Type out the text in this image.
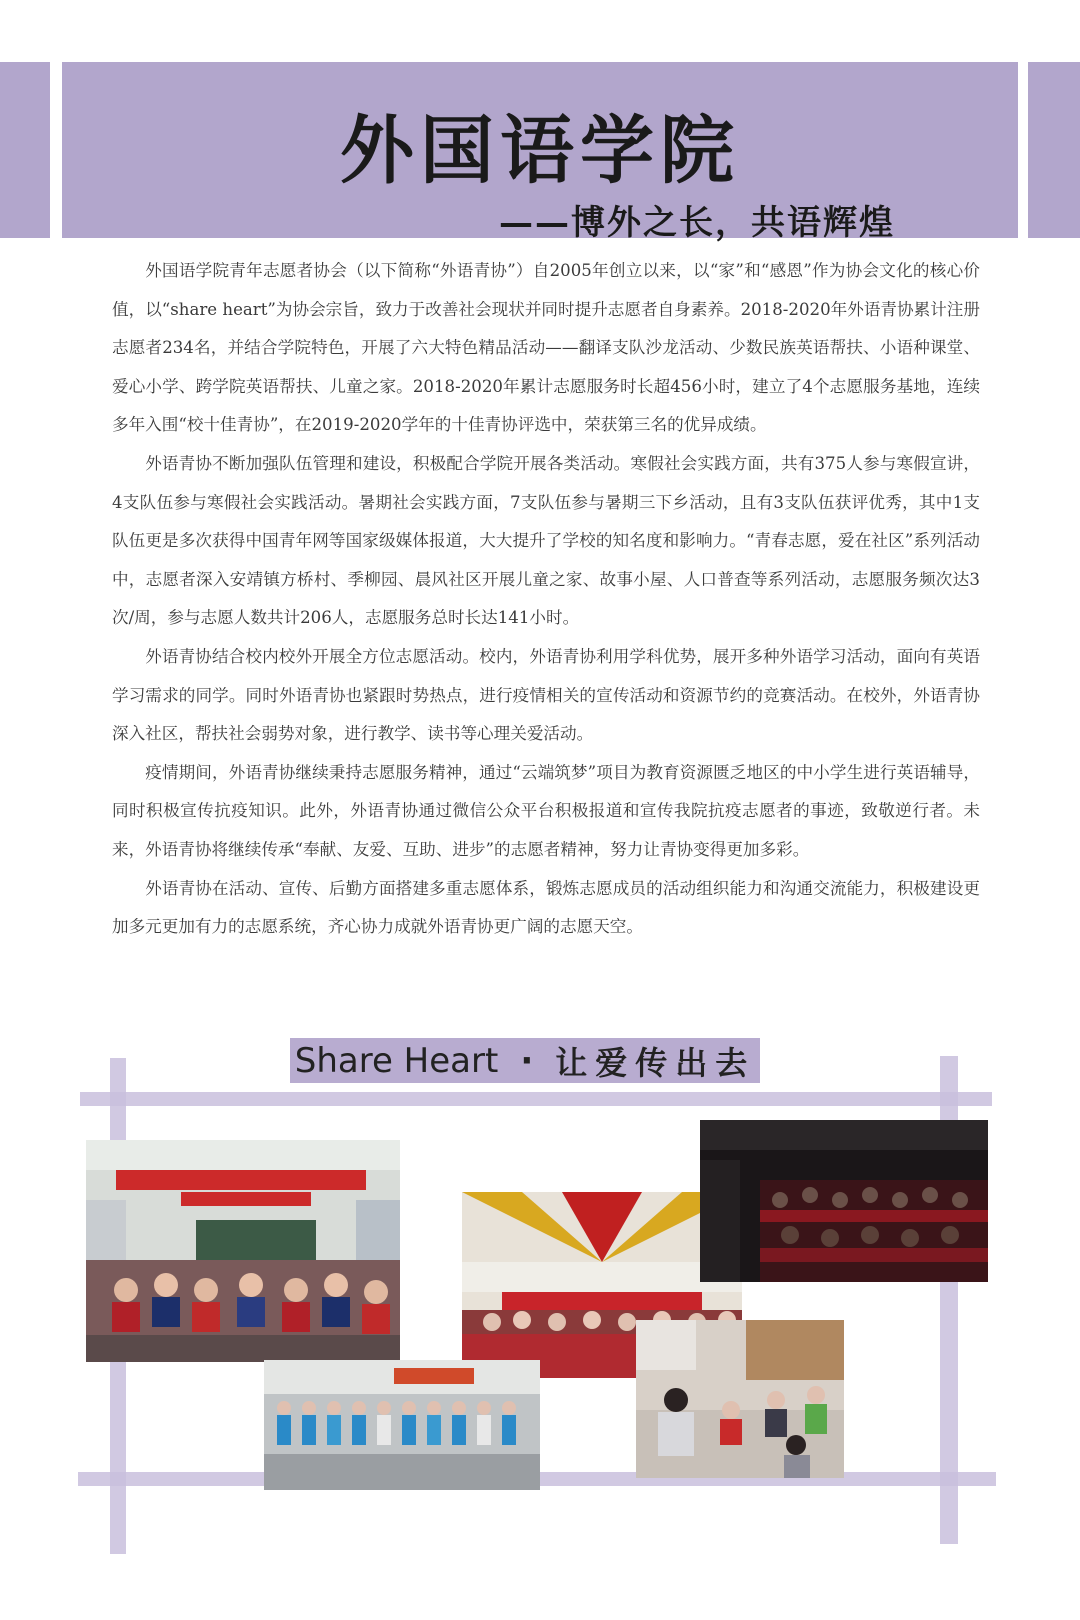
外国语学院
——博外之长，共语辉煌

外国语学院青年志愿者协会（以下简称“外语青协”）自2005年创立以来，以“家”和“感恩”作为协会文化的核心价值，以“share heart”为协会宗旨，致力于改善社会现状并同时提升志愿者自身素养。2018-2020年外语青协累计注册志愿者234名，并结合学院特色，开展了六大特色精品活动——翻译支队沙龙活动、少数民族英语帮扶、小语种课堂、爱心小学、跨学院英语帮扶、儿童之家。2018-2020年累计志愿服务时长超456小时，建立了4个志愿服务基地，连续多年入围“校十佳青协”，在2019-2020学年的十佳青协评选中，荣获第三名的优异成绩。

外语青协不断加强队伍管理和建设，积极配合学院开展各类活动。寒假社会实践方面，共有375人参与寒假宣讲，4支队伍参与寒假社会实践活动。暑期社会实践方面，7支队伍参与暑期三下乡活动，且有3支队伍获评优秀，其中1支队伍更是多次获得中国青年网等国家级媒体报道，大大提升了学校的知名度和影响力。“青春志愿，爱在社区”系列活动中，志愿者深入安靖镇方桥村、季柳园、晨风社区开展儿童之家、故事小屋、人口普查等系列活动，志愿服务频次达3次/周，参与志愿人数共计206人，志愿服务总时长达141小时。

外语青协结合校内校外开展全方位志愿活动。校内，外语青协利用学科优势，展开多种外语学习活动，面向有英语学习需求的同学。同时外语青协也紧跟时势热点，进行疫情相关的宣传活动和资源节约的竞赛活动。在校外，外语青协深入社区，帮扶社会弱势对象，进行教学、读书等心理关爱活动。

疫情期间，外语青协继续秉持志愿服务精神，通过“云端筑梦”项目为教育资源匮乏地区的中小学生进行英语辅导，同时积极宣传抗疫知识。此外，外语青协通过微信公众平台积极报道和宣传我院抗疫志愿者的事迹，致敬逆行者。未来，外语青协将继续传承“奉献、友爱、互助、进步”的志愿者精神，努力让青协变得更加多彩。

外语青协在活动、宣传、后勤方面搭建多重志愿体系，锻炼志愿成员的活动组织能力和沟通交流能力，积极建设更加多元更加有力的志愿系统，齐心协力成就外语青协更广阔的志愿天空。

Share Heart · 让爱传出去
